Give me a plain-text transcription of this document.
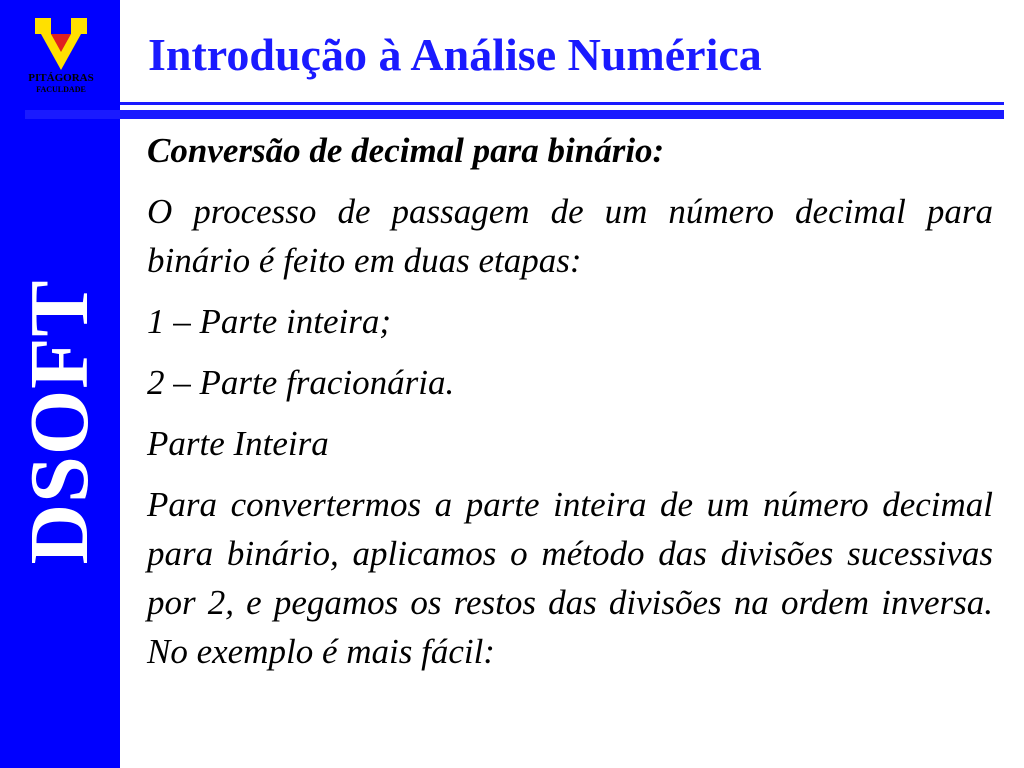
PITÁGORAS
FACULDADE
DSOFT
Introdução à Análise Numérica

Conversão de decimal para binário:

O processo de passagem de um número decimal para binário é feito em duas etapas:

1 – Parte inteira;

2 – Parte fracionária.

Parte Inteira

Para convertermos a parte inteira de um número decimal para binário, aplicamos o método das divisões sucessivas por 2, e pegamos os restos das divisões na ordem inversa. No exemplo é mais fácil:
